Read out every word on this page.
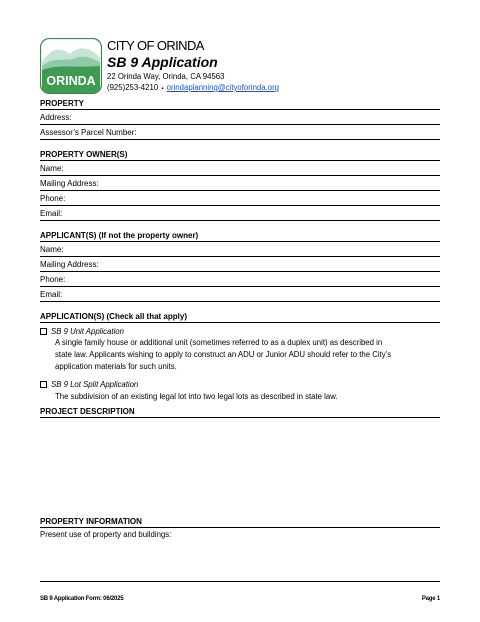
ORINDA
CITY OF ORINDA
SB 9 Application
22 Orinda Way, Orinda, CA 94563
(925)253-4210 ▪ orindaplanning@cityoforinda.org
PROPERTY
Address:
Assessor’s Parcel Number:
PROPERTY OWNER(S)
Name:
Mailing Address:
Phone:
Email:
APPLICANT(S) (If not the property owner)
Name:
Mailing Address:
Phone:
Email:
APPLICATION(S) (Check all that apply)
SB 9 Unit Application
A single family house or additional unit (sometimes referred to as a duplex unit) as described in
state law. Applicants wishing to apply to construct an ADU or Junior ADU should refer to the City’s
application materials for such units.
SB 9 Lot Split Application
The subdivision of an existing legal lot into two legal lots as described in state law.
PROJECT DESCRIPTION
PROPERTY INFORMATION
Present use of property and buildings:
SB 9 Application Form: 06/2025	Page 1
